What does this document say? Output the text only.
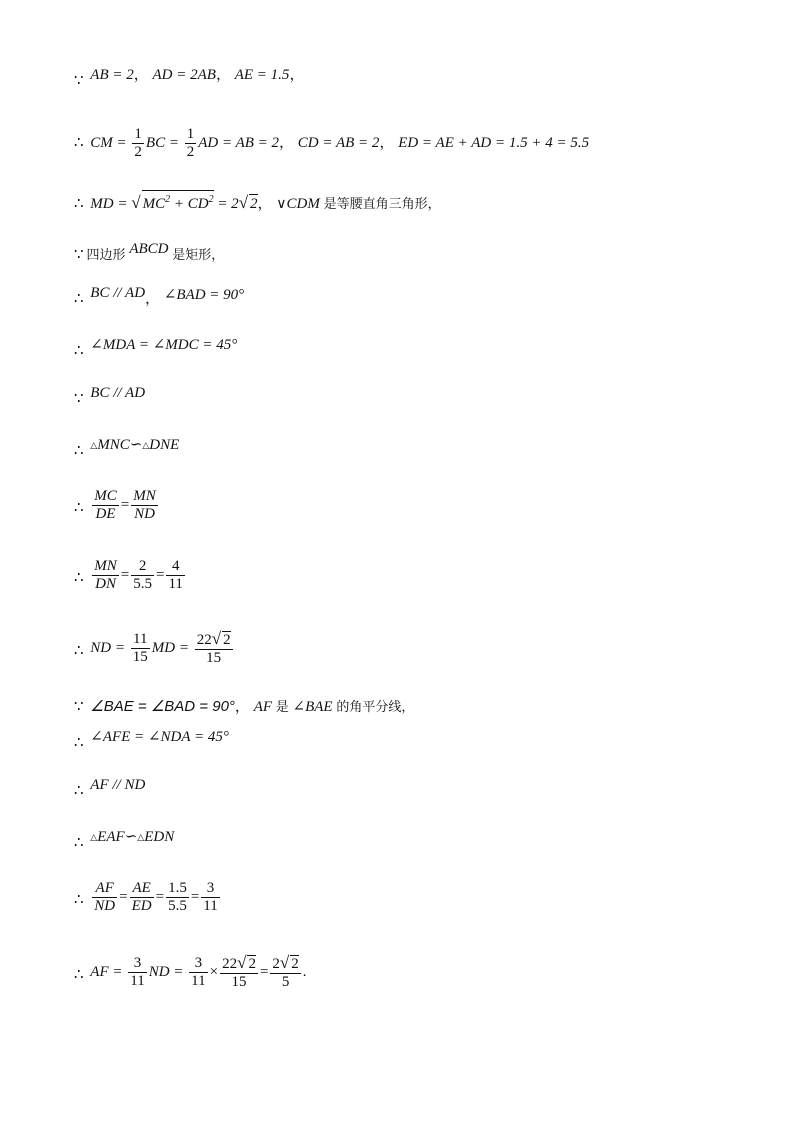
∵ AB = 2， AD = 2AB， AE = 1.5，
∴ CM = $\frac{1}{2}$ BC = $\frac{1}{2}$ AD = AB = 2， CD = AB = 2， ED = AE + AD = 1.5 + 4 = 5.5
∴ MD = √ $MC^2 + CD^2 = 2√$ 2， ∨CDM 是等腰直角三角形，
∵ 四边形 ABCD 是矩形，
∴ BC // AD， ∠BAD = 90°
∴ ∠MDA = ∠MDC = 45°
∵ BC // AD
∴ △MNC∽△DNE
∴ $\frac{MC}{DE} = \frac{MN}{ND}$
∴ $\frac{MN}{DN} = \frac{2}{5.5} = \frac{4}{11}$
∴ ND = $\frac{11}{15}$ MD = $\frac{22√ 2}{15}$
∵ ∠BAE = ∠BAD = 90°， AF 是 ∠BAE 的角平分线，
∴ ∠AFE = ∠NDA = 45°
∴ AF // ND
∴ △EAF∽△EDN
∴ $\frac{AF}{ND} = \frac{AE}{ED} = \frac{1.5}{5.5} = \frac{3}{11}$
∴ AF = $\frac{3}{11}$ ND = $\frac{3}{11} \times \frac{22√ 2}{15} = \frac{2√ 2}{5}$ .
